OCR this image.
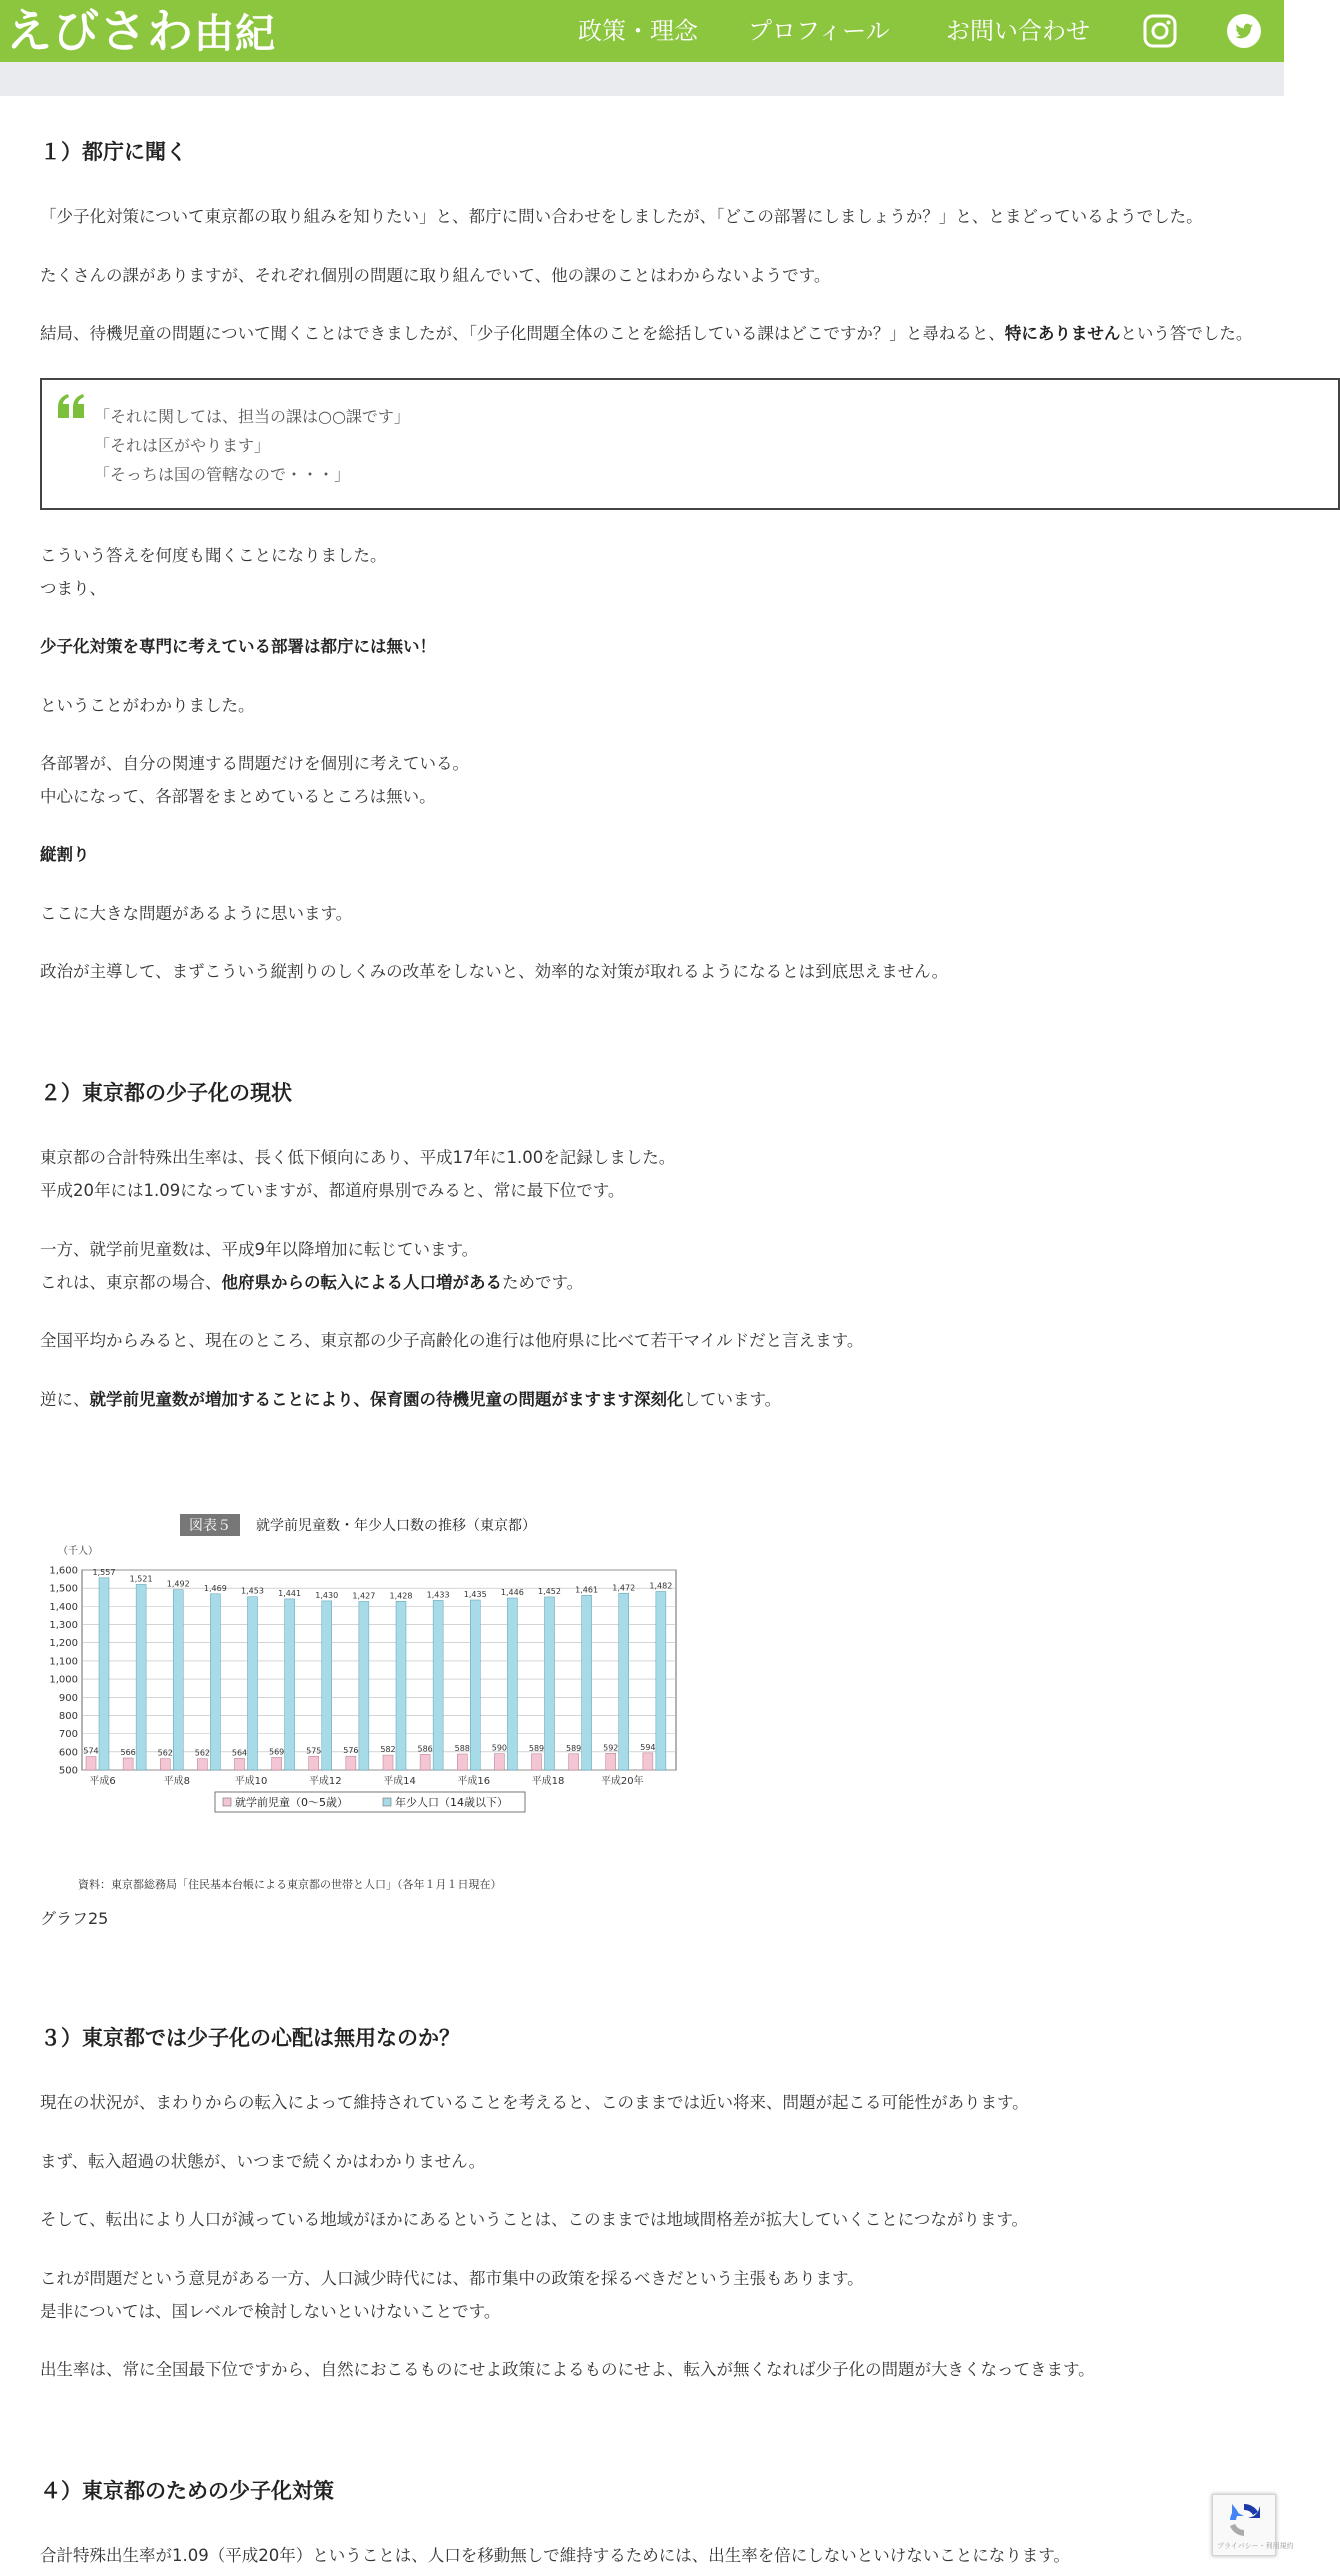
えびさわ由紀	政策・理念 プロフィール お問い合わせ
１）都庁に聞く
「少子化対策について東京都の取り組みを知りたい」と、都庁に問い合わせをしましたが、「どこの部署にしましょうか？」と、とまどっているようでした。
たくさんの課がありますが、それぞれ個別の問題に取り組んでいて、他の課のことはわからないようです。
結局、待機児童の問題について聞くことはできましたが、「少子化問題全体のことを総括している課はどこですか？」と尋ねると、特にありませんという答でした。
「それに関しては、担当の課は○○課です」
「それは区がやります」
「そっちは国の管轄なので・・・」
こういう答えを何度も聞くことになりました。
つまり、
少子化対策を専門に考えている部署は都庁には無い！
ということがわかりました。
各部署が、自分の関連する問題だけを個別に考えている。
中心になって、各部署をまとめているところは無い。
縦割り
ここに大きな問題があるように思います。
政治が主導して、まずこういう縦割りのしくみの改革をしないと、効率的な対策が取れるようになるとは到底思えません。
２）東京都の少子化の現状
東京都の合計特殊出生率は、長く低下傾向にあり、平成17年に1.00を記録しました。
平成20年には1.09になっていますが、都道府県別でみると、常に最下位です。
一方、就学前児童数は、平成9年以降増加に転じています。
これは、東京都の場合、他府県からの転入による人口増があるためです。
全国平均からみると、現在のところ、東京都の少子高齢化の進行は他府県に比べて若干マイルドだと言えます。
逆に、就学前児童数が増加することにより、保育園の待機児童の問題がますます深刻化しています。
図表５ 就学前児童数・年少人口数の推移（東京都）
（千人）
1,600
1,500
1,400
1,300
1,200
1,100
1,000
900
800
700
600
500
574
1,557
566
1,521
562
1,492
562
1,469
564
1,453
569
1,441
575
1,430
576
1,427
582
1,428
586
1,433
588
1,435
590
1,446
589
1,452
589
1,461
592
1,472
594
1,482
平成6	平成8	平成10	平成12	平成14	平成16	平成18	平成20年
就学前児童（0〜5歳）	年少人口（14歳以下）
資料：東京都総務局「住民基本台帳による東京都の世帯と人口」（各年１月１日現在）
グラフ25
３）東京都では少子化の心配は無用なのか？
現在の状況が、まわりからの転入によって維持されていることを考えると、このままでは近い将来、問題が起こる可能性があります。
まず、転入超過の状態が、いつまで続くかはわかりません。
そして、転出により人口が減っている地域がほかにあるということは、このままでは地域間格差が拡大していくことにつながります。
これが問題だという意見がある一方、人口減少時代には、都市集中の政策を採るべきだという主張もあります。
是非については、国レベルで検討しないといけないことです。
出生率は、常に全国最下位ですから、自然におこるものにせよ政策によるものにせよ、転入が無くなれば少子化の問題が大きくなってきます。
４）東京都のための少子化対策
合計特殊出生率が1.09（平成20年）ということは、人口を移動無しで維持するためには、出生率を倍にしないといけないことになります。	プライバシー・利用規約
